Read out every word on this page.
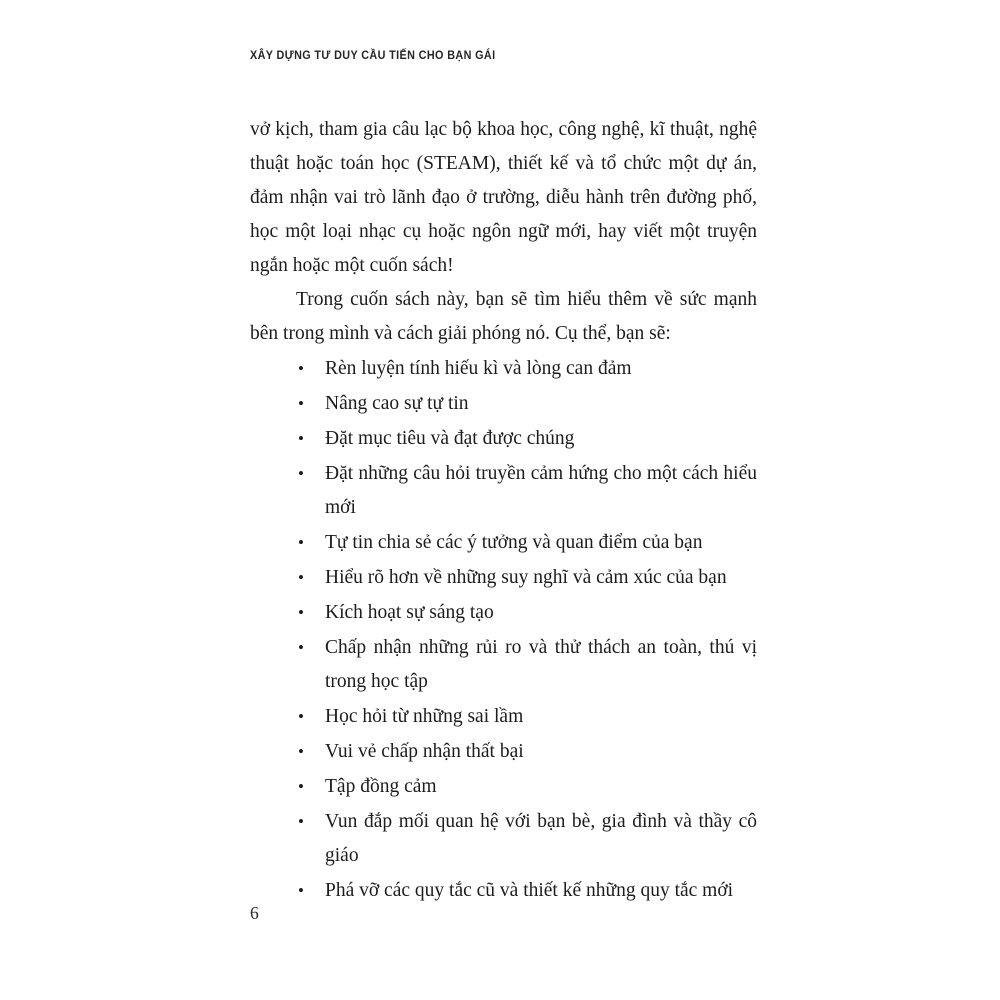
XÂY DỰNG TƯ DUY CẦU TIẾN CHO BẠN GÁI

vở kịch, tham gia câu lạc bộ khoa học, công nghệ, kĩ thuật, nghệ thuật hoặc toán học (STEAM), thiết kế và tổ chức một dự án, đảm nhận vai trò lãnh đạo ở trường, diễu hành trên đường phố, học một loại nhạc cụ hoặc ngôn ngữ mới, hay viết một truyện ngắn hoặc một cuốn sách!

Trong cuốn sách này, bạn sẽ tìm hiểu thêm về sức mạnh bên trong mình và cách giải phóng nó. Cụ thể, bạn sẽ:

• Rèn luyện tính hiếu kì và lòng can đảm
• Nâng cao sự tự tin
• Đặt mục tiêu và đạt được chúng
• Đặt những câu hỏi truyền cảm hứng cho một cách hiểu mới
• Tự tin chia sẻ các ý tưởng và quan điểm của bạn
• Hiểu rõ hơn về những suy nghĩ và cảm xúc của bạn
• Kích hoạt sự sáng tạo
• Chấp nhận những rủi ro và thử thách an toàn, thú vị trong học tập
• Học hỏi từ những sai lầm
• Vui vẻ chấp nhận thất bại
• Tập đồng cảm
• Vun đắp mối quan hệ với bạn bè, gia đình và thầy cô giáo
• Phá vỡ các quy tắc cũ và thiết kế những quy tắc mới
6
